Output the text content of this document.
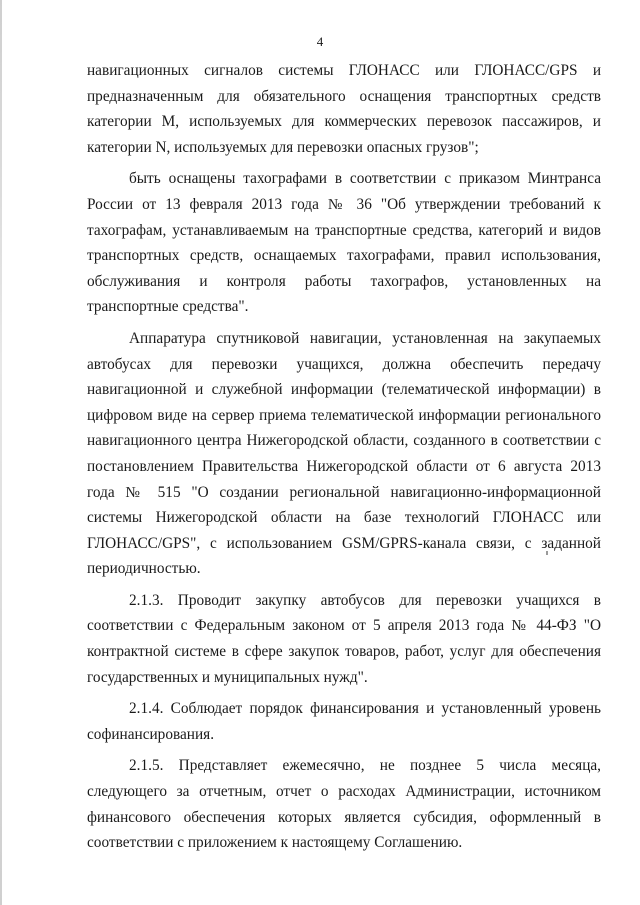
4

навигационных сигналов системы ГЛОНАСС или ГЛОНАСС/GPS и предназначенным для обязательного оснащения транспортных средств категории M, используемых для коммерческих перевозок пассажиров, и категории N, используемых для перевозки опасных грузов";

быть оснащены тахографами в соответствии с приказом Минтранса России от 13 февраля 2013 года № 36 "Об утверждении требований к тахографам, устанавливаемым на транспортные средства, категорий и видов транспортных средств, оснащаемых тахографами, правил использования, обслуживания и контроля работы тахографов, установленных на транспортные средства".

Аппаратура спутниковой навигации, установленная на закупаемых автобусах для перевозки учащихся, должна обеспечить передачу навигационной и служебной информации (телематической информации) в цифровом виде на сервер приема телематической информации регионального навигационного центра Нижегородской области, созданного в соответствии с постановлением Правительства Нижегородской области от 6 августа 2013 года № 515 "О создании региональной навигационно-информационной системы Нижегородской области на базе технологий ГЛОНАСС или ГЛОНАСС/GPS", с использованием GSM/GPRS-канала связи, с заданной периодичностью.

2.1.3. Проводит закупку автобусов для перевозки учащихся в соответствии с Федеральным законом от 5 апреля 2013 года № 44-ФЗ "О контрактной системе в сфере закупок товаров, работ, услуг для обеспечения государственных и муниципальных нужд".

2.1.4. Соблюдает порядок финансирования и установленный уровень софинансирования.

2.1.5. Представляет ежемесячно, не позднее 5 числа месяца, следующего за отчетным, отчет о расходах Администрации, источником финансового обеспечения которых является субсидия, оформленный в соответствии с приложением к настоящему Соглашению.
